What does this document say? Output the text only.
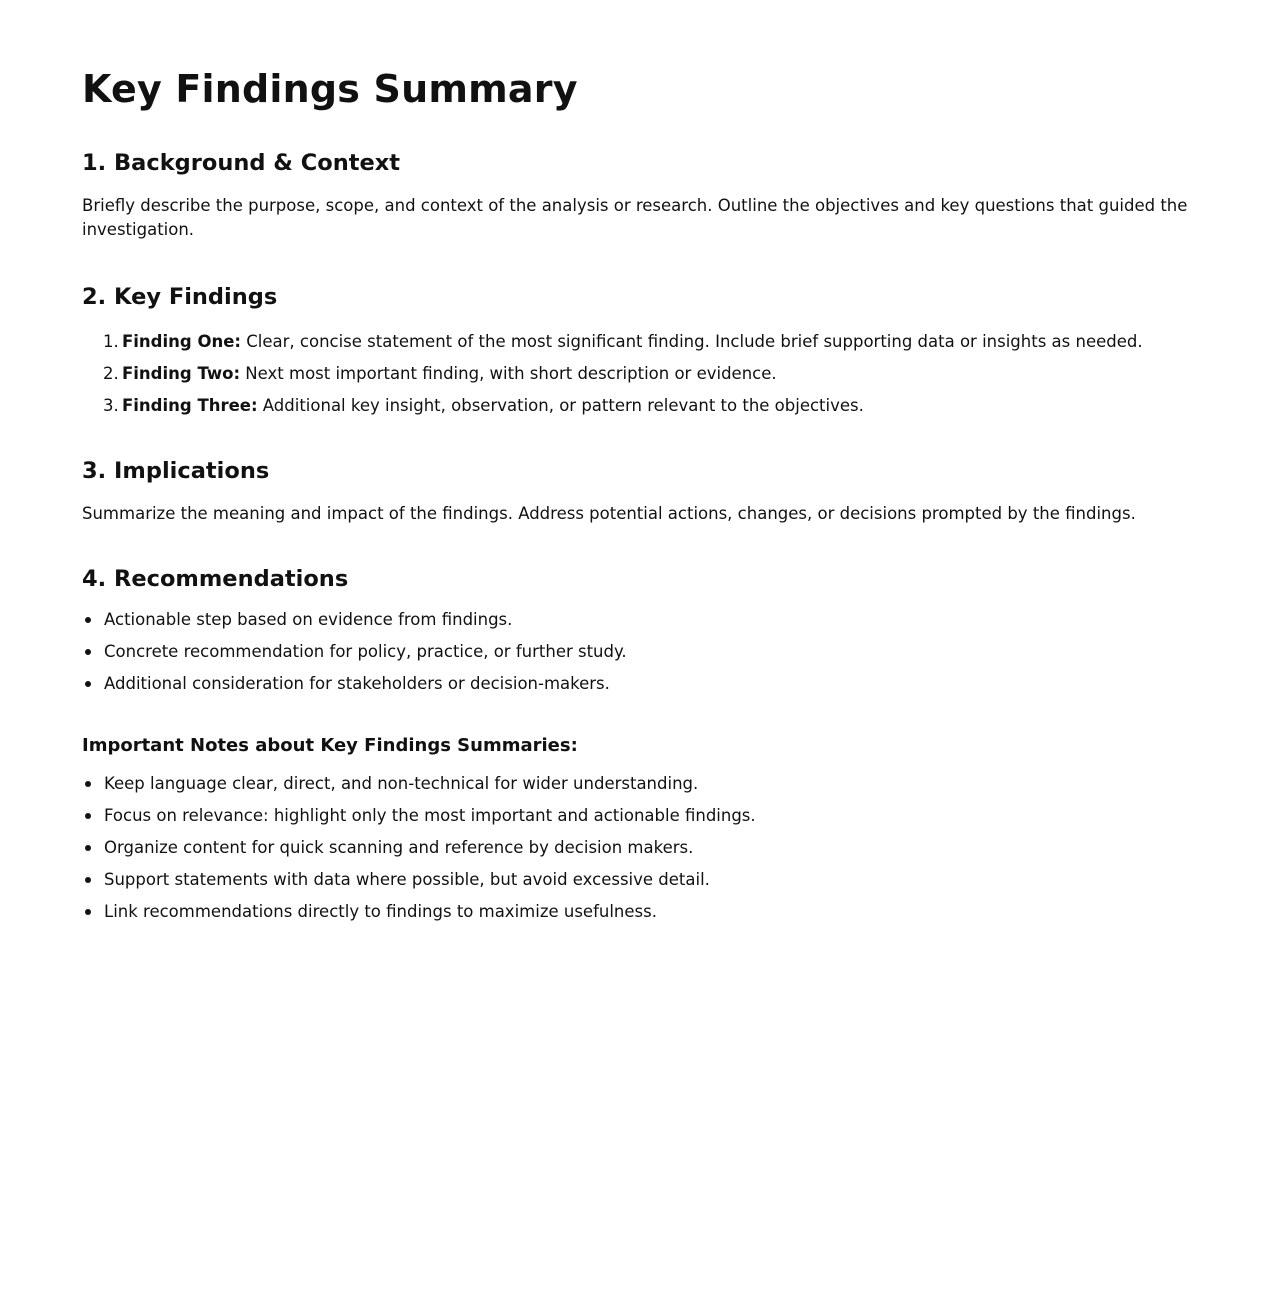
Key Findings Summary
1. Background & Context

Briefly describe the purpose, scope, and context of the analysis or research. Outline the objectives and key questions that guided the investigation.

2. Key Findings
1. Finding One: Clear, concise statement of the most significant finding. Include brief supporting data or insights as needed.
2. Finding Two: Next most important finding, with short description or evidence.
3. Finding Three: Additional key insight, observation, or pattern relevant to the objectives.
3. Implications

Summarize the meaning and impact of the findings. Address potential actions, changes, or decisions prompted by the findings.

4. Recommendations
Actionable step based on evidence from findings.
Concrete recommendation for policy, practice, or further study.
Additional consideration for stakeholders or decision-makers.
Important Notes about Key Findings Summaries:
Keep language clear, direct, and non-technical for wider understanding.
Focus on relevance: highlight only the most important and actionable findings.
Organize content for quick scanning and reference by decision makers.
Support statements with data where possible, but avoid excessive detail.
Link recommendations directly to findings to maximize usefulness.
